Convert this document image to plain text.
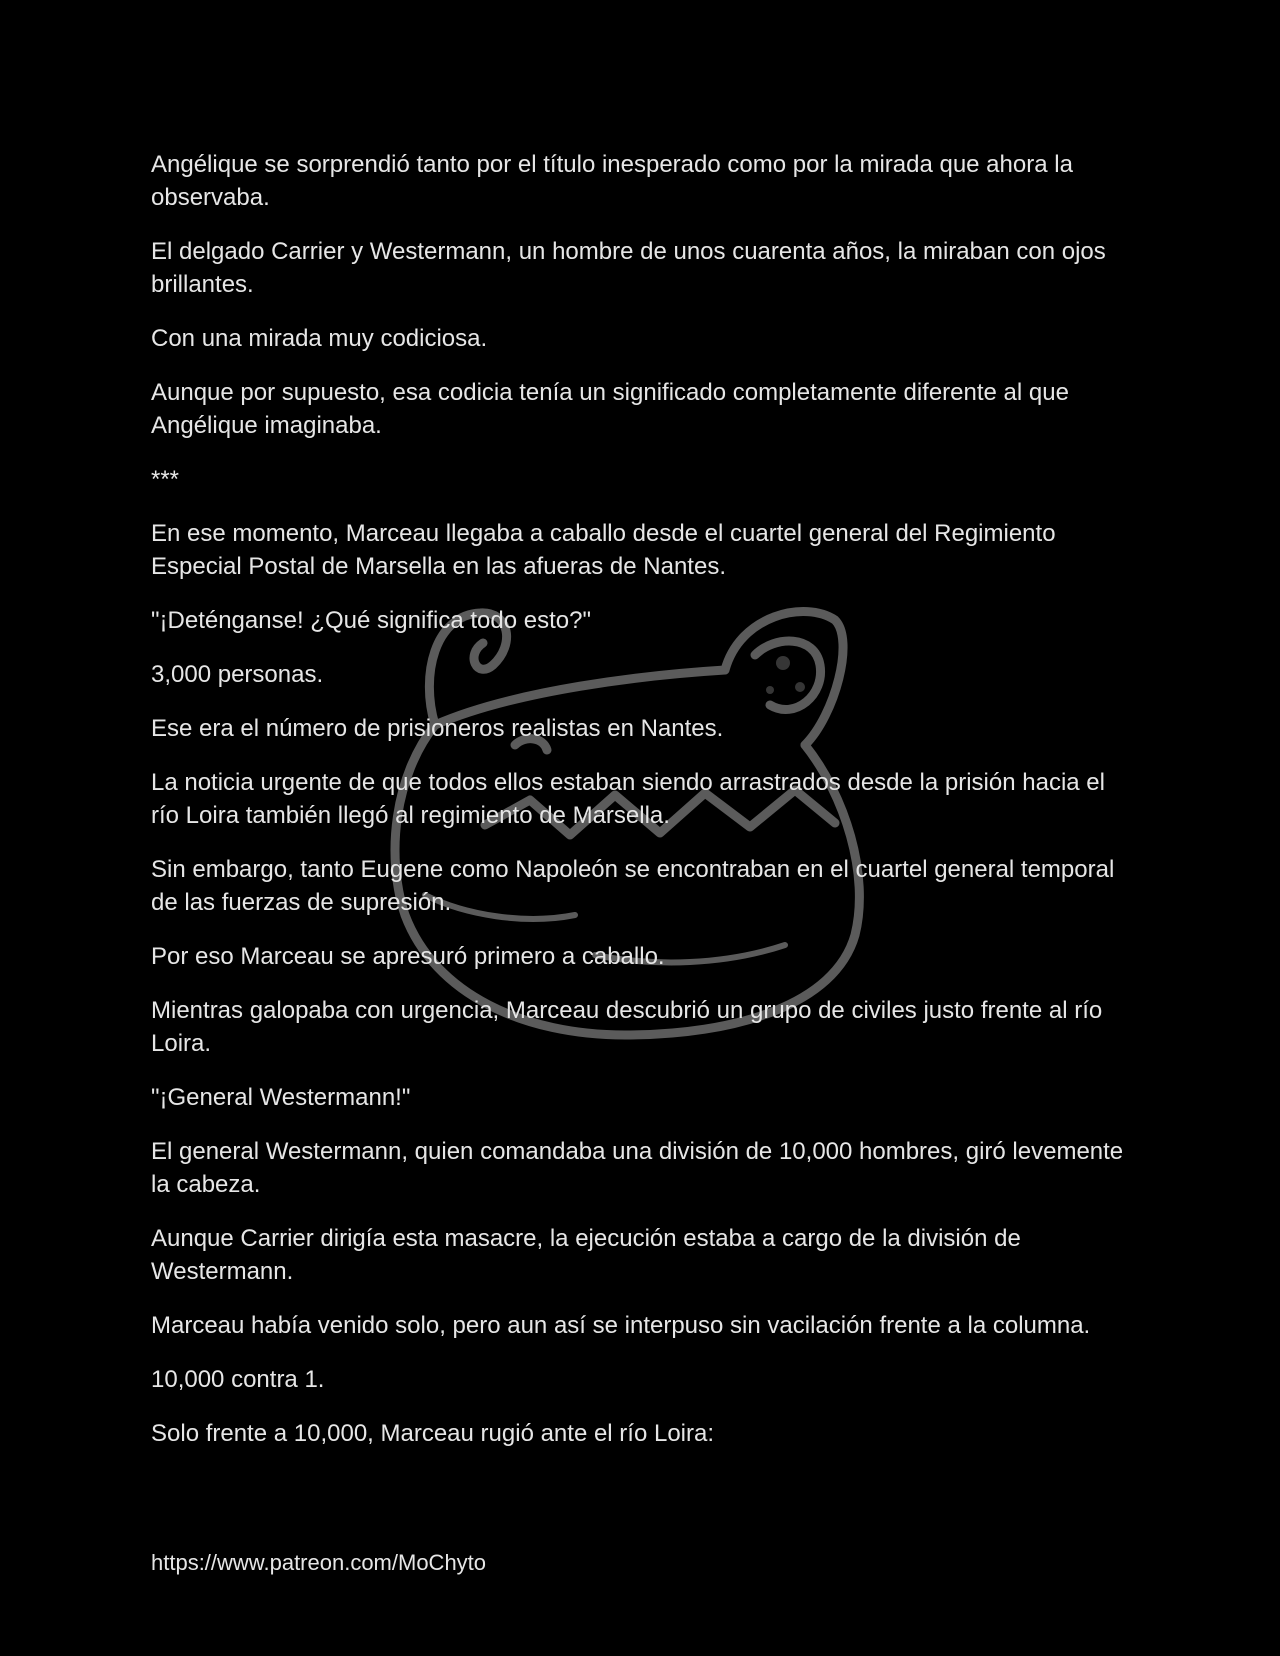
Angélique se sorprendió tanto por el título inesperado como por la mirada que ahora la observaba.

El delgado Carrier y Westermann, un hombre de unos cuarenta años, la miraban con ojos brillantes.

Con una mirada muy codiciosa.

Aunque por supuesto, esa codicia tenía un significado completamente diferente al que Angélique imaginaba.

***

En ese momento, Marceau llegaba a caballo desde el cuartel general del Regimiento Especial Postal de Marsella en las afueras de Nantes.

"¡Deténganse! ¿Qué significa todo esto?"

3,000 personas.

Ese era el número de prisioneros realistas en Nantes.

La noticia urgente de que todos ellos estaban siendo arrastrados desde la prisión hacia el río Loira también llegó al regimiento de Marsella.

Sin embargo, tanto Eugene como Napoleón se encontraban en el cuartel general temporal de las fuerzas de supresión.

Por eso Marceau se apresuró primero a caballo.

Mientras galopaba con urgencia, Marceau descubrió un grupo de civiles justo frente al río Loira.

"¡General Westermann!"

El general Westermann, quien comandaba una división de 10,000 hombres, giró levemente la cabeza.

Aunque Carrier dirigía esta masacre, la ejecución estaba a cargo de la división de Westermann.

Marceau había venido solo, pero aun así se interpuso sin vacilación frente a la columna.

10,000 contra 1.

Solo frente a 10,000, Marceau rugió ante el río Loira:

https://www.patreon.com/MoChyto
